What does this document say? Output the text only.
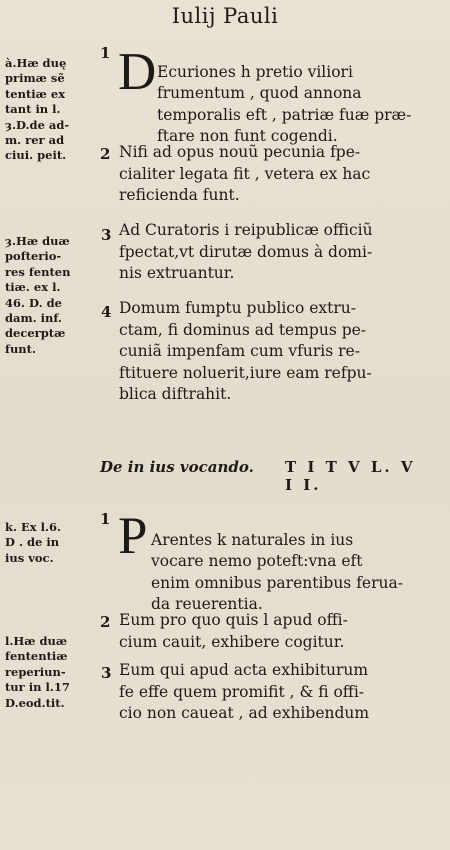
Iulij Pauli
à.Hæ duę
primæ sẽ
tentiæ ex
tant in l.
ȝ.D.de ad-
m. rer ad
ciui. peit.
ȝ.Hæ duæ
pofterio-
res fenten
tiæ. ex l.
46. D. de
dam. inf.
decerptæ
funt.
k. Ex l.6.
D . de in
ius voc.
l.Hæ duæ
fententiæ
reperiun-
tur in l.17
D.eod.tit.
1 D Ecuriones h pretio viliori
frumentum , quod annona
temporalis eft , patriæ fuæ præ-
ftare non funt cogendi.

2 Nifi ad opus nouũ pecunia fpe-
cialiter legata fit , vetera ex hac
reficienda funt.
3 Ad Curatoris i reipublicæ officiũ
fpectat,vt dirutæ domus à domi-
nis extruantur.
4 Domum fumptu publico extru-
ctam, fi dominus ad tempus pe-
cuniã impenfam cum vfuris re-
ftituere noluerit,iure eam refpu-
blica diftrahit.
De in ius vocando. T I T V L. V I I.
1 P Arentes k naturales in ius
vocare nemo poteft:vna eft
enim omnibus parentibus ferua-
da reuerentia.

2 Eum pro quo quis l apud offi-
cium cauit, exhibere cogitur.
3 Eum qui apud acta exhibiturum
fe effe quem promifit , & fi offi-
cio non caueat , ad exhibendum
